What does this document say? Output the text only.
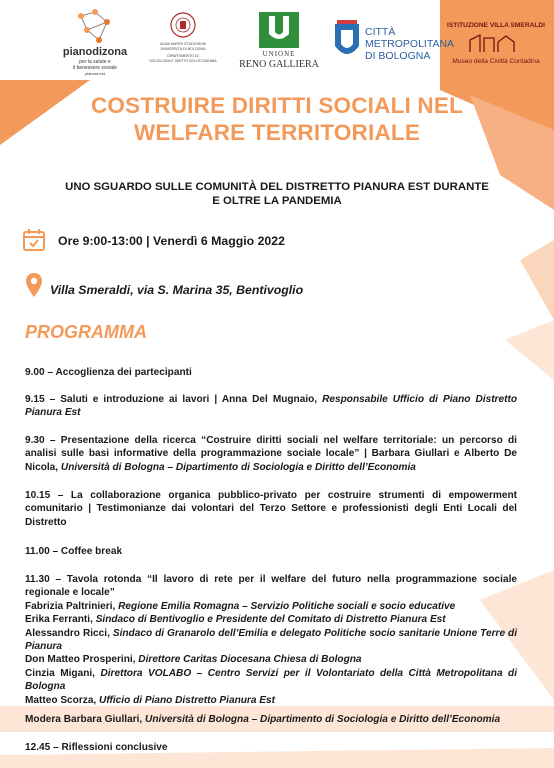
pianodizona
per la salute e
il benessere sociale
pianura est
ALMA MATER STUDIORUM
UNIVERSITÀ DI BOLOGNA
DIPARTIMENTO DI
SOCIOLOGIA E DIRITTO DELL'ECONOMIA
UNIONE
RENO GALLIERA
CITTÀ
METROPOLITANA
DI BOLOGNA
ISTITUZIONE VILLA SMERALDI
Museo della Civiltà Contadina
COSTRUIRE DIRITTI SOCIALI NEL
WELFARE TERRITORIALE
UNO SGUARDO SULLE COMUNITÀ DEL DISTRETTO PIANURA EST DURANTE
E OLTRE LA PANDEMIA
Ore 9:00-13:00 | Venerdì 6 Maggio 2022
Villa Smeraldi, via S. Marina 35, Bentivoglio
PROGRAMMA
9.00 – Accoglienza dei partecipanti
9.15 – Saluti e introduzione ai lavori | Anna Del Mugnaio, Responsabile Ufficio di Piano Distretto Pianura Est
9.30 – Presentazione della ricerca “Costruire diritti sociali nel welfare territoriale: un percorso di analisi sulle basi informative della programmazione sociale locale” | Barbara Giullari e Alberto De Nicola, Università di Bologna – Dipartimento di Sociologia e Diritto dell’Economia
10.15 – La collaborazione organica pubblico-privato per costruire strumenti di empowerment comunitario | Testimonianze dai volontari del Terzo Settore e professionisti degli Enti Locali del Distretto
11.00 – Coffee break
11.30 – Tavola rotonda “Il lavoro di rete per il welfare del futuro nella programmazione sociale regionale e locale”
Fabrizia Paltrinieri, Regione Emilia Romagna – Servizio Politiche sociali e socio educative
Erika Ferranti, Sindaco di Bentivoglio e Presidente del Comitato di Distretto Pianura Est
Alessandro Ricci, Sindaco di Granarolo dell’Emilia e delegato Politiche socio sanitarie Unione Terre di Pianura
Don Matteo Prosperini, Direttore Caritas Diocesana Chiesa di Bologna
Cinzia Migani, Direttora VOLABO – Centro Servizi per il Volontariato della Città Metropolitana di Bologna
Matteo Scorza, Ufficio di Piano Distretto Pianura Est
Modera Barbara Giullari, Università di Bologna – Dipartimento di Sociologia e Diritto dell’Economia
12.45 – Riflessioni conclusive
